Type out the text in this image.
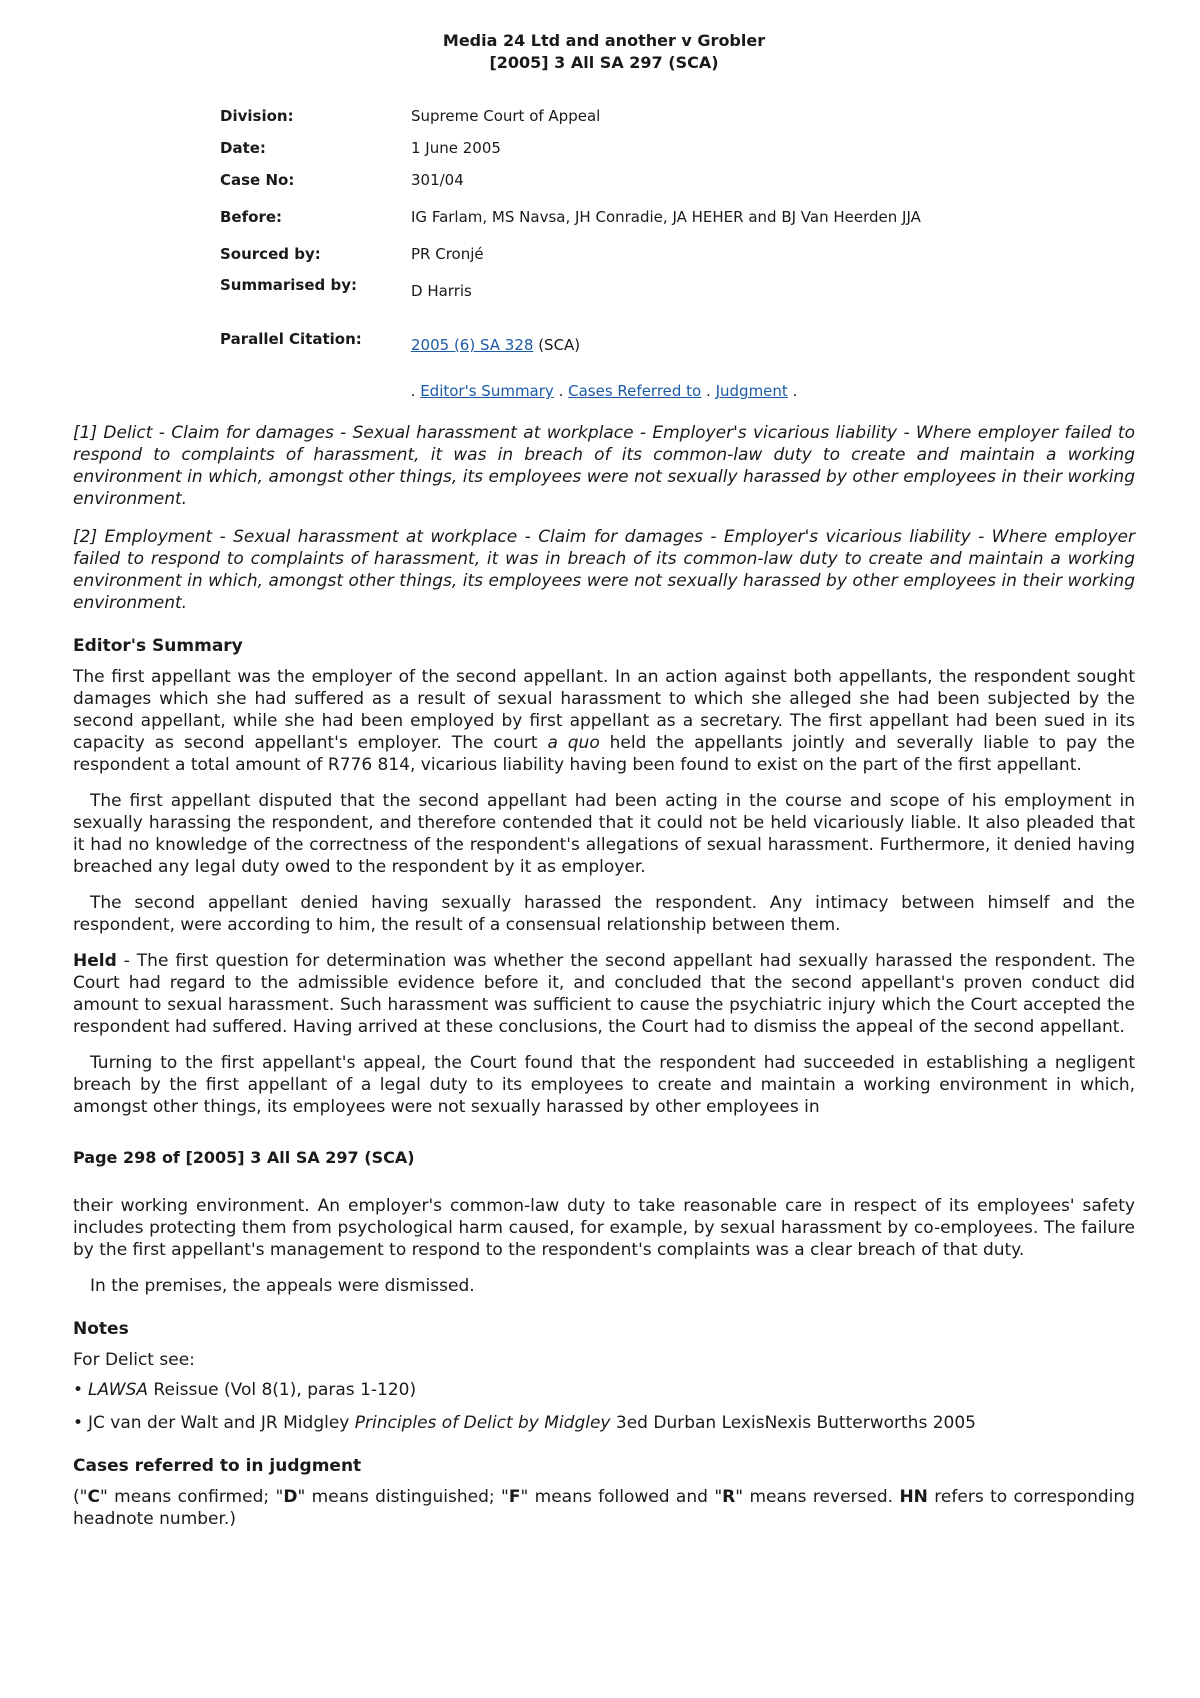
Media 24 Ltd and another v Grobler
[2005] 3 All SA 297 (SCA)
Division:	Supreme Court of Appeal
Date:	1 June 2005
Case No:	301/04
Before:	IG Farlam, MS Navsa, JH Conradie, JA HEHER and BJ Van Heerden JJA
Sourced by:	PR Cronjé
Summarised by:	D Harris
Parallel Citation:	2005 (6) SA 328 (SCA)
. Editor's Summary . Cases Referred to . Judgment .

[1] Delict - Claim for damages - Sexual harassment at workplace - Employer's vicarious liability - Where employer failed to respond to complaints of harassment, it was in breach of its common-law duty to create and maintain a working environment in which, amongst other things, its employees were not sexually harassed by other employees in their working environment.

[2] Employment - Sexual harassment at workplace - Claim for damages - Employer's vicarious liability - Where employer failed to respond to complaints of harassment, it was in breach of its common-law duty to create and maintain a working environment in which, amongst other things, its employees were not sexually harassed by other employees in their working environment.

Editor's Summary

The first appellant was the employer of the second appellant. In an action against both appellants, the respondent sought damages which she had suffered as a result of sexual harassment to which she alleged she had been subjected by the second appellant, while she had been employed by first appellant as a secretary. The first appellant had been sued in its capacity as second appellant's employer. The court a quo held the appellants jointly and severally liable to pay the respondent a total amount of R776 814, vicarious liability having been found to exist on the part of the first appellant.

The first appellant disputed that the second appellant had been acting in the course and scope of his employment in sexually harassing the respondent, and therefore contended that it could not be held vicariously liable. It also pleaded that it had no knowledge of the correctness of the respondent's allegations of sexual harassment. Furthermore, it denied having breached any legal duty owed to the respondent by it as employer.

The second appellant denied having sexually harassed the respondent. Any intimacy between himself and the respondent, were according to him, the result of a consensual relationship between them.

Held - The first question for determination was whether the second appellant had sexually harassed the respondent. The Court had regard to the admissible evidence before it, and concluded that the second appellant's proven conduct did amount to sexual harassment. Such harassment was sufficient to cause the psychiatric injury which the Court accepted the respondent had suffered. Having arrived at these conclusions, the Court had to dismiss the appeal of the second appellant.

Turning to the first appellant's appeal, the Court found that the respondent had succeeded in establishing a negligent breach by the first appellant of a legal duty to its employees to create and maintain a working environment in which, amongst other things, its employees were not sexually harassed by other employees in

Page 298 of [2005] 3 All SA 297 (SCA)

their working environment. An employer's common-law duty to take reasonable care in respect of its employees' safety includes protecting them from psychological harm caused, for example, by sexual harassment by co-employees. The failure by the first appellant's management to respond to the respondent's complaints was a clear breach of that duty.

In the premises, the appeals were dismissed.

Notes

For Delict see:

• LAWSA Reissue (Vol 8(1), paras 1-120)
• JC van der Walt and JR Midgley Principles of Delict by Midgley 3ed Durban LexisNexis Butterworths 2005
Cases referred to in judgment

("C" means confirmed; "D" means distinguished; "F" means followed and "R" means reversed. HN refers to corresponding headnote number.)
